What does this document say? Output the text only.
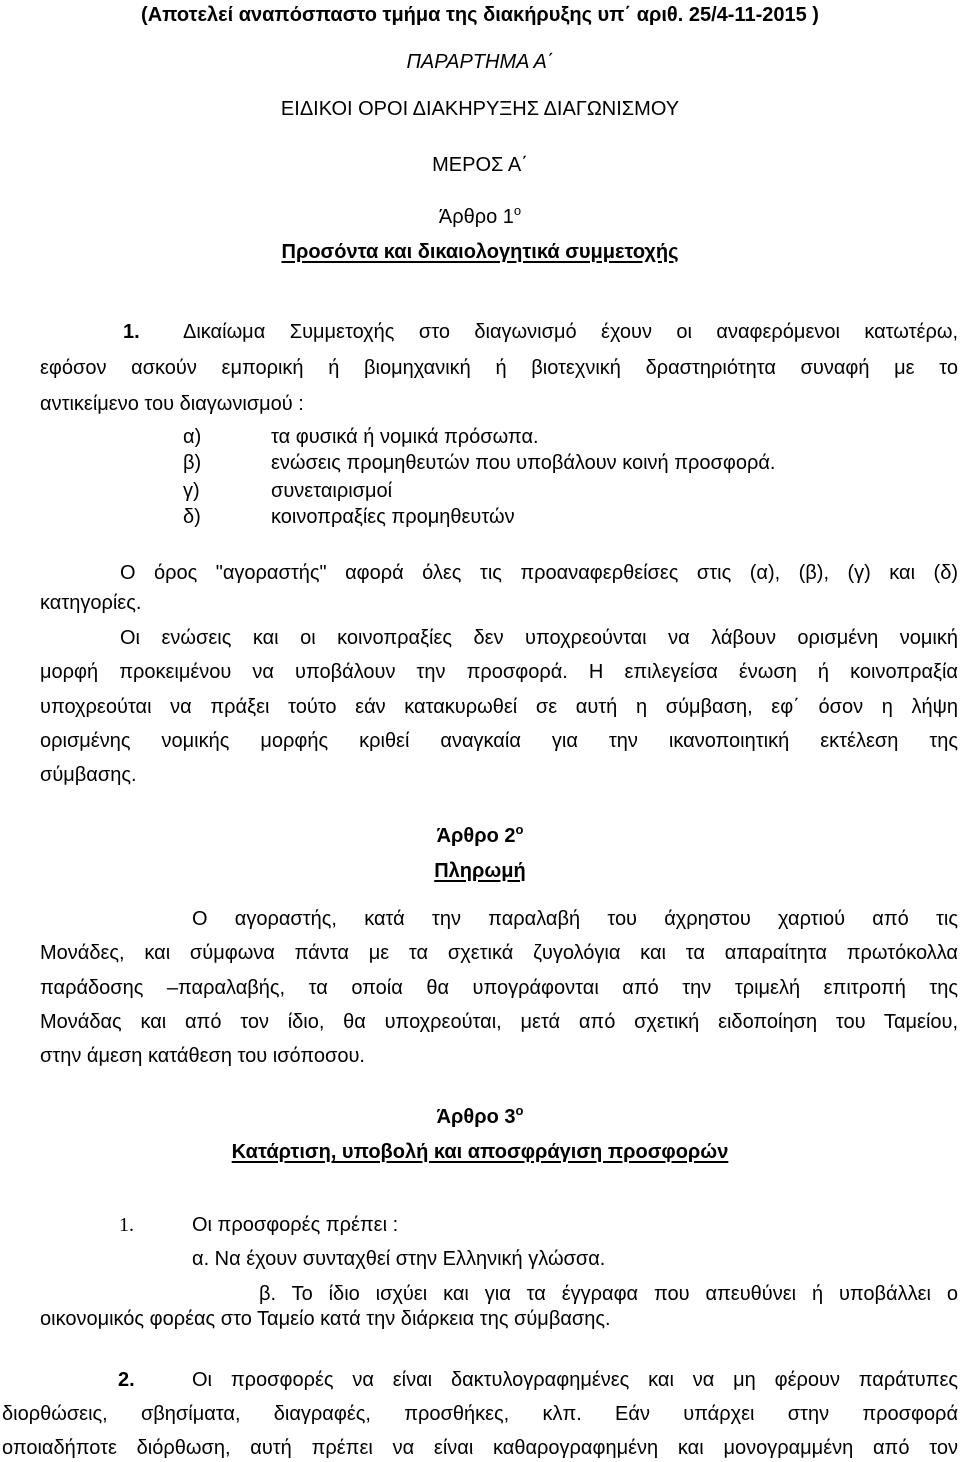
(Αποτελεί αναπόσπαστο τμήμα της διακήρυξης υπ΄ αριθ. 25/4-11-2015 )
ΠΑΡΑΡΤΗΜΑ Α΄
ΕΙΔΙΚΟΙ ΟΡΟΙ ΔΙΑΚΗΡΥΞΗΣ ΔΙΑΓΩΝΙΣΜΟΥ
ΜΕΡΟΣ Α΄
Άρθρο $1^o$
Προσόντα και δικαιολογητικά συμμετοχής
1. Δικαίωμα Συμμετοχής στο διαγωνισμό έχουν οι αναφερόμενοι κατωτέρω,
εφόσον ασκούν εμπορική ή βιομηχανική ή βιοτεχνική δραστηριότητα συναφή με το
αντικείμενο του διαγωνισμού :
α)	τα φυσικά ή νομικά πρόσωπα.
β)	ενώσεις προμηθευτών που υποβάλουν κοινή προσφορά.
γ)	συνεταιρισμοί
δ)	κοινοπραξίες προμηθευτών
Ο όρος "αγοραστής" αφορά όλες τις προαναφερθείσες στις (α), (β), (γ) και (δ)
κατηγορίες.
Οι ενώσεις και οι κοινοπραξίες δεν υποχρεούνται να λάβουν ορισμένη νομική
μορφή προκειμένου να υποβάλουν την προσφορά. Η επιλεγείσα ένωση ή κοινοπραξία
υποχρεούται να πράξει τούτο εάν κατακυρωθεί σε αυτή η σύμβαση, εφ΄ όσον η λήψη
ορισμένης νομικής μορφής κριθεί αναγκαία για την ικανοποιητική εκτέλεση της
σύμβασης.
Άρθρο $2^o$
Πληρωμή
Ο αγοραστής, κατά την παραλαβή του άχρηστου χαρτιού από τις
Μονάδες, και σύμφωνα πάντα με τα σχετικά ζυγολόγια και τα απαραίτητα πρωτόκολλα
παράδοσης –παραλαβής, τα οποία θα υπογράφονται από την τριμελή επιτροπή της
Μονάδας και από τον ίδιο, θα υποχρεούται, μετά από σχετική ειδοποίηση του Ταμείου,
στην άμεση κατάθεση του ισόποσου.
Άρθρο $3^o$
Κατάρτιση, υποβολή και αποσφράγιση προσφορών
1.	Οι προσφορές πρέπει :
α. Να έχουν συνταχθεί στην Ελληνική γλώσσα.
β. Το ίδιο ισχύει και για τα έγγραφα που απευθύνει ή υποβάλλει ο
οικονομικός φορέας στο Ταμείο κατά την διάρκεια της σύμβασης.
2.	Οι προσφορές να είναι δακτυλογραφημένες και να μη φέρουν παράτυπες
διορθώσεις, σβησίματα, διαγραφές, προσθήκες, κλπ. Εάν υπάρχει στην προσφορά
οποιαδήποτε διόρθωση, αυτή πρέπει να είναι καθαρογραφημένη και μονογραμμένη από τον
